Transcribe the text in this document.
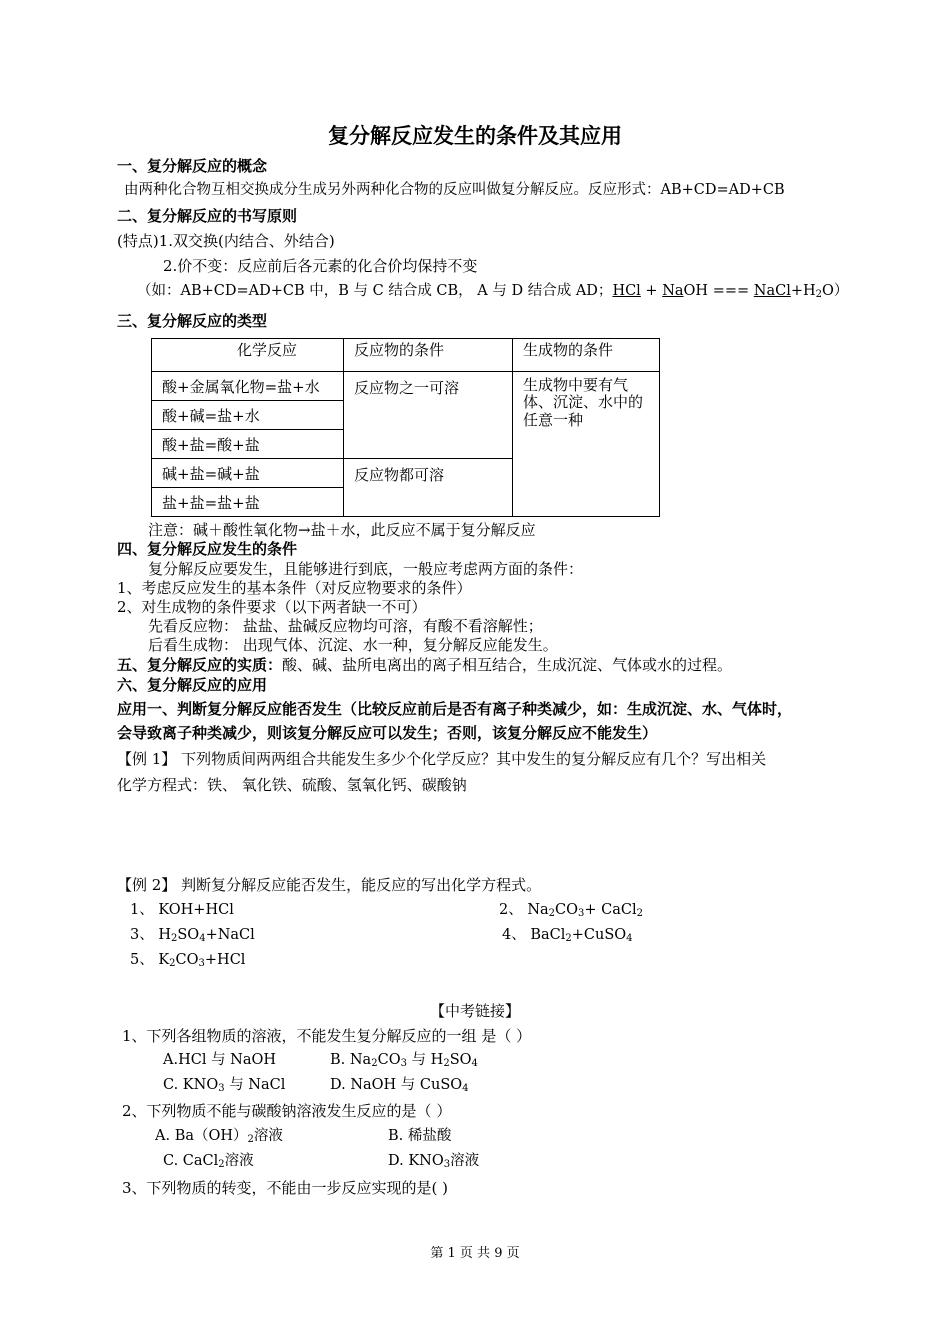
复分解反应发生的条件及其应用
一、复分解反应的概念
由两种化合物互相交换成分生成另外两种化合物的反应叫做复分解反应。反应形式：AB+CD=AD+CB
二、复分解反应的书写原则
(特点)1.双交换(内结合、外结合)
2.价不变：反应前后各元素的化合价均保持不变
（如：AB+CD=AD+CB 中，B 与 C 结合成 CB， A 与 D 结合成 AD；HCl + NaOH === $NaCl+H_2O$）
三、复分解反应的类型
化学反应	反应物的条件	生成物的条件
酸+金属氧化物=盐+水	反应物之一可溶	生成物中要有气体、沉淀、水中的任意一种
酸+碱=盐+水		
酸+盐=酸+盐		
碱+盐=碱+盐	反应物都可溶	
盐+盐=盐+盐		
注意：碱＋酸性氧化物→盐＋水，此反应不属于复分解反应
四、复分解反应发生的条件
复分解反应要发生，且能够进行到底，一般应考虑两方面的条件：
1、考虑反应发生的基本条件（对反应物要求的条件）
2、对生成物的条件要求（以下两者缺一不可）
先看反应物： 盐盐、盐碱反应物均可溶，有酸不看溶解性；
后看生成物： 出现气体、沉淀、水一种，复分解反应能发生。
五、复分解反应的实质：酸、碱、盐所电离出的离子相互结合，生成沉淀、气体或水的过程。
六、复分解反应的应用
应用一、判断复分解反应能否发生（比较反应前后是否有离子种类减少，如：生成沉淀、水、气体时，
会导致离子种类减少，则该复分解反应可以发生；否则，该复分解反应不能发生）
【例 1】 下列物质间两两组合共能发生多少个化学反应？其中发生的复分解反应有几个？写出相关
化学方程式：铁、 氧化铁、硫酸、氢氧化钙、碳酸钠
【例 2】 判断复分解反应能否发生，能反应的写出化学方程式。
1、 KOH+HCl	2、 $Na_2CO_3+$ CaCl$_2$
3、 $H_2SO_4+NaCl$	4、 BaCl$_2$+CuSO$_4$
5、 $K_2CO_3+HCl$
【中考链接】
1、下列各组物质的溶液，不能发生复分解反应的一组 是（ ）
A.HCl 与 NaOH	B. $Na_2CO_3$ 与 $H_2SO_4$
C. $KNO_3$ 与 NaCl	D. NaOH 与 CuSO$_4$
2、下列物质不能与碳酸钠溶液发生反应的是（ ）
A. $Ba(OH)_2$溶液	B. 稀盐酸
C. CaCl$_2$溶液	D. $KNO_3$溶液
3、下列物质的转变，不能由一步反应实现的是( )
第 1 页 共 9 页
